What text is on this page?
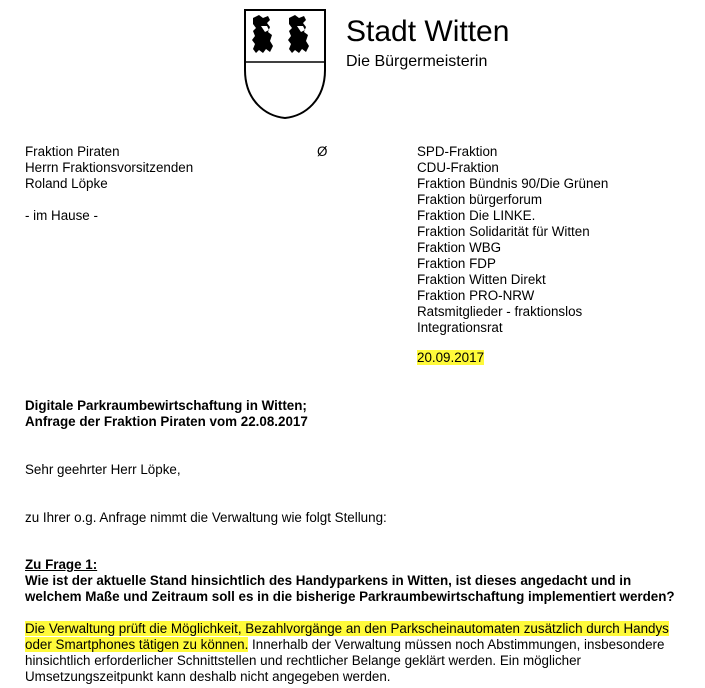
Stadt Witten
Die Bürgermeisterin
Fraktion Piraten
Herrn Fraktionsvorsitzenden
Roland Löpke
- im Hause -
Ø	SPD-Fraktion
CDU-Fraktion
Fraktion Bündnis 90/Die Grünen
Fraktion bürgerforum
Fraktion Die LINKE.
Fraktion Solidarität für Witten
Fraktion WBG
Fraktion FDP
Fraktion Witten Direkt
Fraktion PRO-NRW
Ratsmitglieder - fraktionslos
Integrationsrat
20.09.2017
Digitale Parkraumbewirtschaftung in Witten;
Anfrage der Fraktion Piraten vom 22.08.2017
Sehr geehrter Herr Löpke,
zu Ihrer o.g. Anfrage nimmt die Verwaltung wie folgt Stellung:
Zu Frage 1:
Wie ist der aktuelle Stand hinsichtlich des Handyparkens in Witten, ist dieses angedacht und in
welchem Maße und Zeitraum soll es in die bisherige Parkraumbewirtschaftung implementiert werden?
Die Verwaltung prüft die Möglichkeit, Bezahlvorgänge an den Parkscheinautomaten zusätzlich durch Handys
oder Smartphones tätigen zu können. Innerhalb der Verwaltung müssen noch Abstimmungen, insbesondere
hinsichtlich erforderlicher Schnittstellen und rechtlicher Belange geklärt werden. Ein möglicher
Umsetzungszeitpunkt kann deshalb nicht angegeben werden.
